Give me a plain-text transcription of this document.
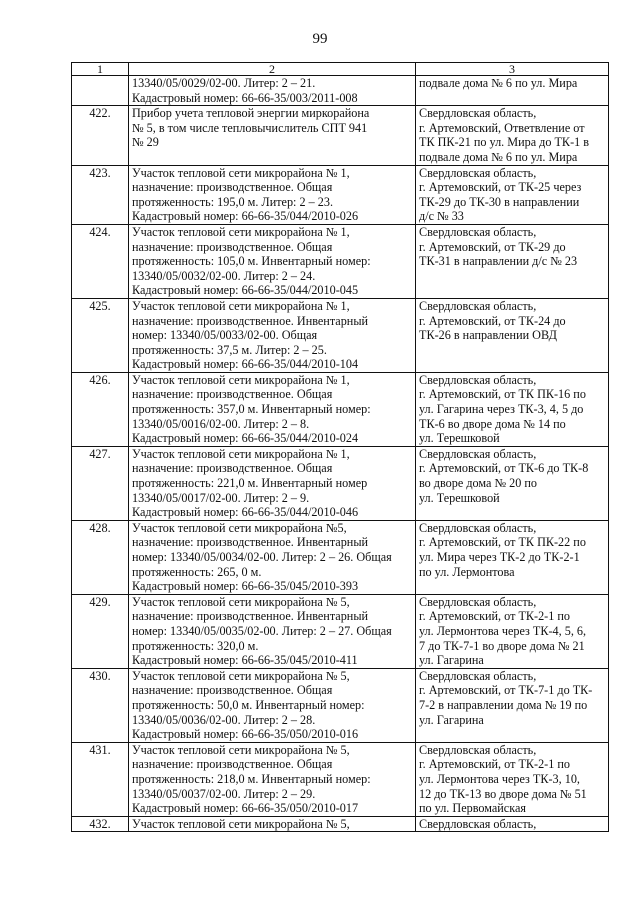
99
1	2	3

	13340/05/0029/02-00. Литер: 2 – 21.
Кадастровый номер: 66-66-35/003/2011-008	подвале дома № 6 по ул. Мира

422.	Прибор учета тепловой энергии миркорайона
№ 5, в том числе тепловычислитель СПТ 941
№ 29	Свердловская область,
г. Артемовский, Ответвление от
ТК ПК-21 по ул. Мира до ТК-1 в
подвале дома № 6 по ул. Мира

423.	Участок тепловой сети микрорайона № 1,
назначение: производственное. Общая
протяженность: 195,0 м. Литер: 2 – 23.
Кадастровый номер: 66-66-35/044/2010-026	Свердловская область,
г. Артемовский, от ТК-25 через
ТК-29 до ТК-30 в направлении
д/с № 33

424.	Участок тепловой сети микрорайона № 1,
назначение: производственное. Общая
протяженность: 105,0 м. Инвентарный номер:
13340/05/0032/02-00. Литер: 2 – 24.
Кадастровый номер: 66-66-35/044/2010-045	Свердловская область,
г. Артемовский, от ТК-29 до
ТК-31 в направлении д/с № 23

425.	Участок тепловой сети микрорайона № 1,
назначение: производственное. Инвентарный
номер: 13340/05/0033/02-00. Общая
протяженность: 37,5 м. Литер: 2 – 25.
Кадастровый номер: 66-66-35/044/2010-104	Свердловская область,
г. Артемовский, от ТК-24 до
ТК-26 в направлении ОВД

426.	Участок тепловой сети микрорайона № 1,
назначение: производственное. Общая
протяженность: 357,0 м. Инвентарный номер:
13340/05/0016/02-00. Литер: 2 – 8.
Кадастровый номер: 66-66-35/044/2010-024	Свердловская область,
г. Артемовский, от ТК ПК-16 по
ул. Гагарина через ТК-3, 4, 5 до
ТК-6 во дворе дома № 14 по
ул. Терешковой

427.	Участок тепловой сети микрорайона № 1,
назначение: производственное. Общая
протяженность: 221,0 м. Инвентарный номер
13340/05/0017/02-00. Литер: 2 – 9.
Кадастровый номер: 66-66-35/044/2010-046	Свердловская область,
г. Артемовский, от ТК-6 до ТК-8
во дворе дома № 20 по
ул. Терешковой

428.	Участок тепловой сети микрорайона №5,
назначение: производственное. Инвентарный
номер: 13340/05/0034/02-00. Литер: 2 – 26. Общая
протяженность: 265, 0 м.
Кадастровый номер: 66-66-35/045/2010-393	Свердловская область,
г. Артемовский, от ТК ПК-22 по
ул. Мира через ТК-2 до ТК-2-1
по ул. Лермонтова

429.	Участок тепловой сети микрорайона № 5,
назначение: производственное. Инвентарный
номер: 13340/05/0035/02-00. Литер: 2 – 27. Общая
протяженность: 320,0 м.
Кадастровый номер: 66-66-35/045/2010-411	Свердловская область,
г. Артемовский, от ТК-2-1 по
ул. Лермонтова через ТК-4, 5, 6,
7 до ТК-7-1 во дворе дома № 21
ул. Гагарина

430.	Участок тепловой сети микрорайона № 5,
назначение: производственное. Общая
протяженность: 50,0 м. Инвентарный номер:
13340/05/0036/02-00. Литер: 2 – 28.
Кадастровый номер: 66-66-35/050/2010-016	Свердловская область,
г. Артемовский, от ТК-7-1 до ТК-
7-2 в направлении дома № 19 по
ул. Гагарина

431.	Участок тепловой сети микрорайона № 5,
назначение: производственное. Общая
протяженность: 218,0 м. Инвентарный номер:
13340/05/0037/02-00. Литер: 2 – 29.
Кадастровый номер: 66-66-35/050/2010-017	Свердловская область,
г. Артемовский, от ТК-2-1 по
ул. Лермонтова через ТК-3, 10,
12 до ТК-13 во дворе дома № 51
по ул. Первомайская

432.	Участок тепловой сети микрорайона № 5,	Свердловская область,
